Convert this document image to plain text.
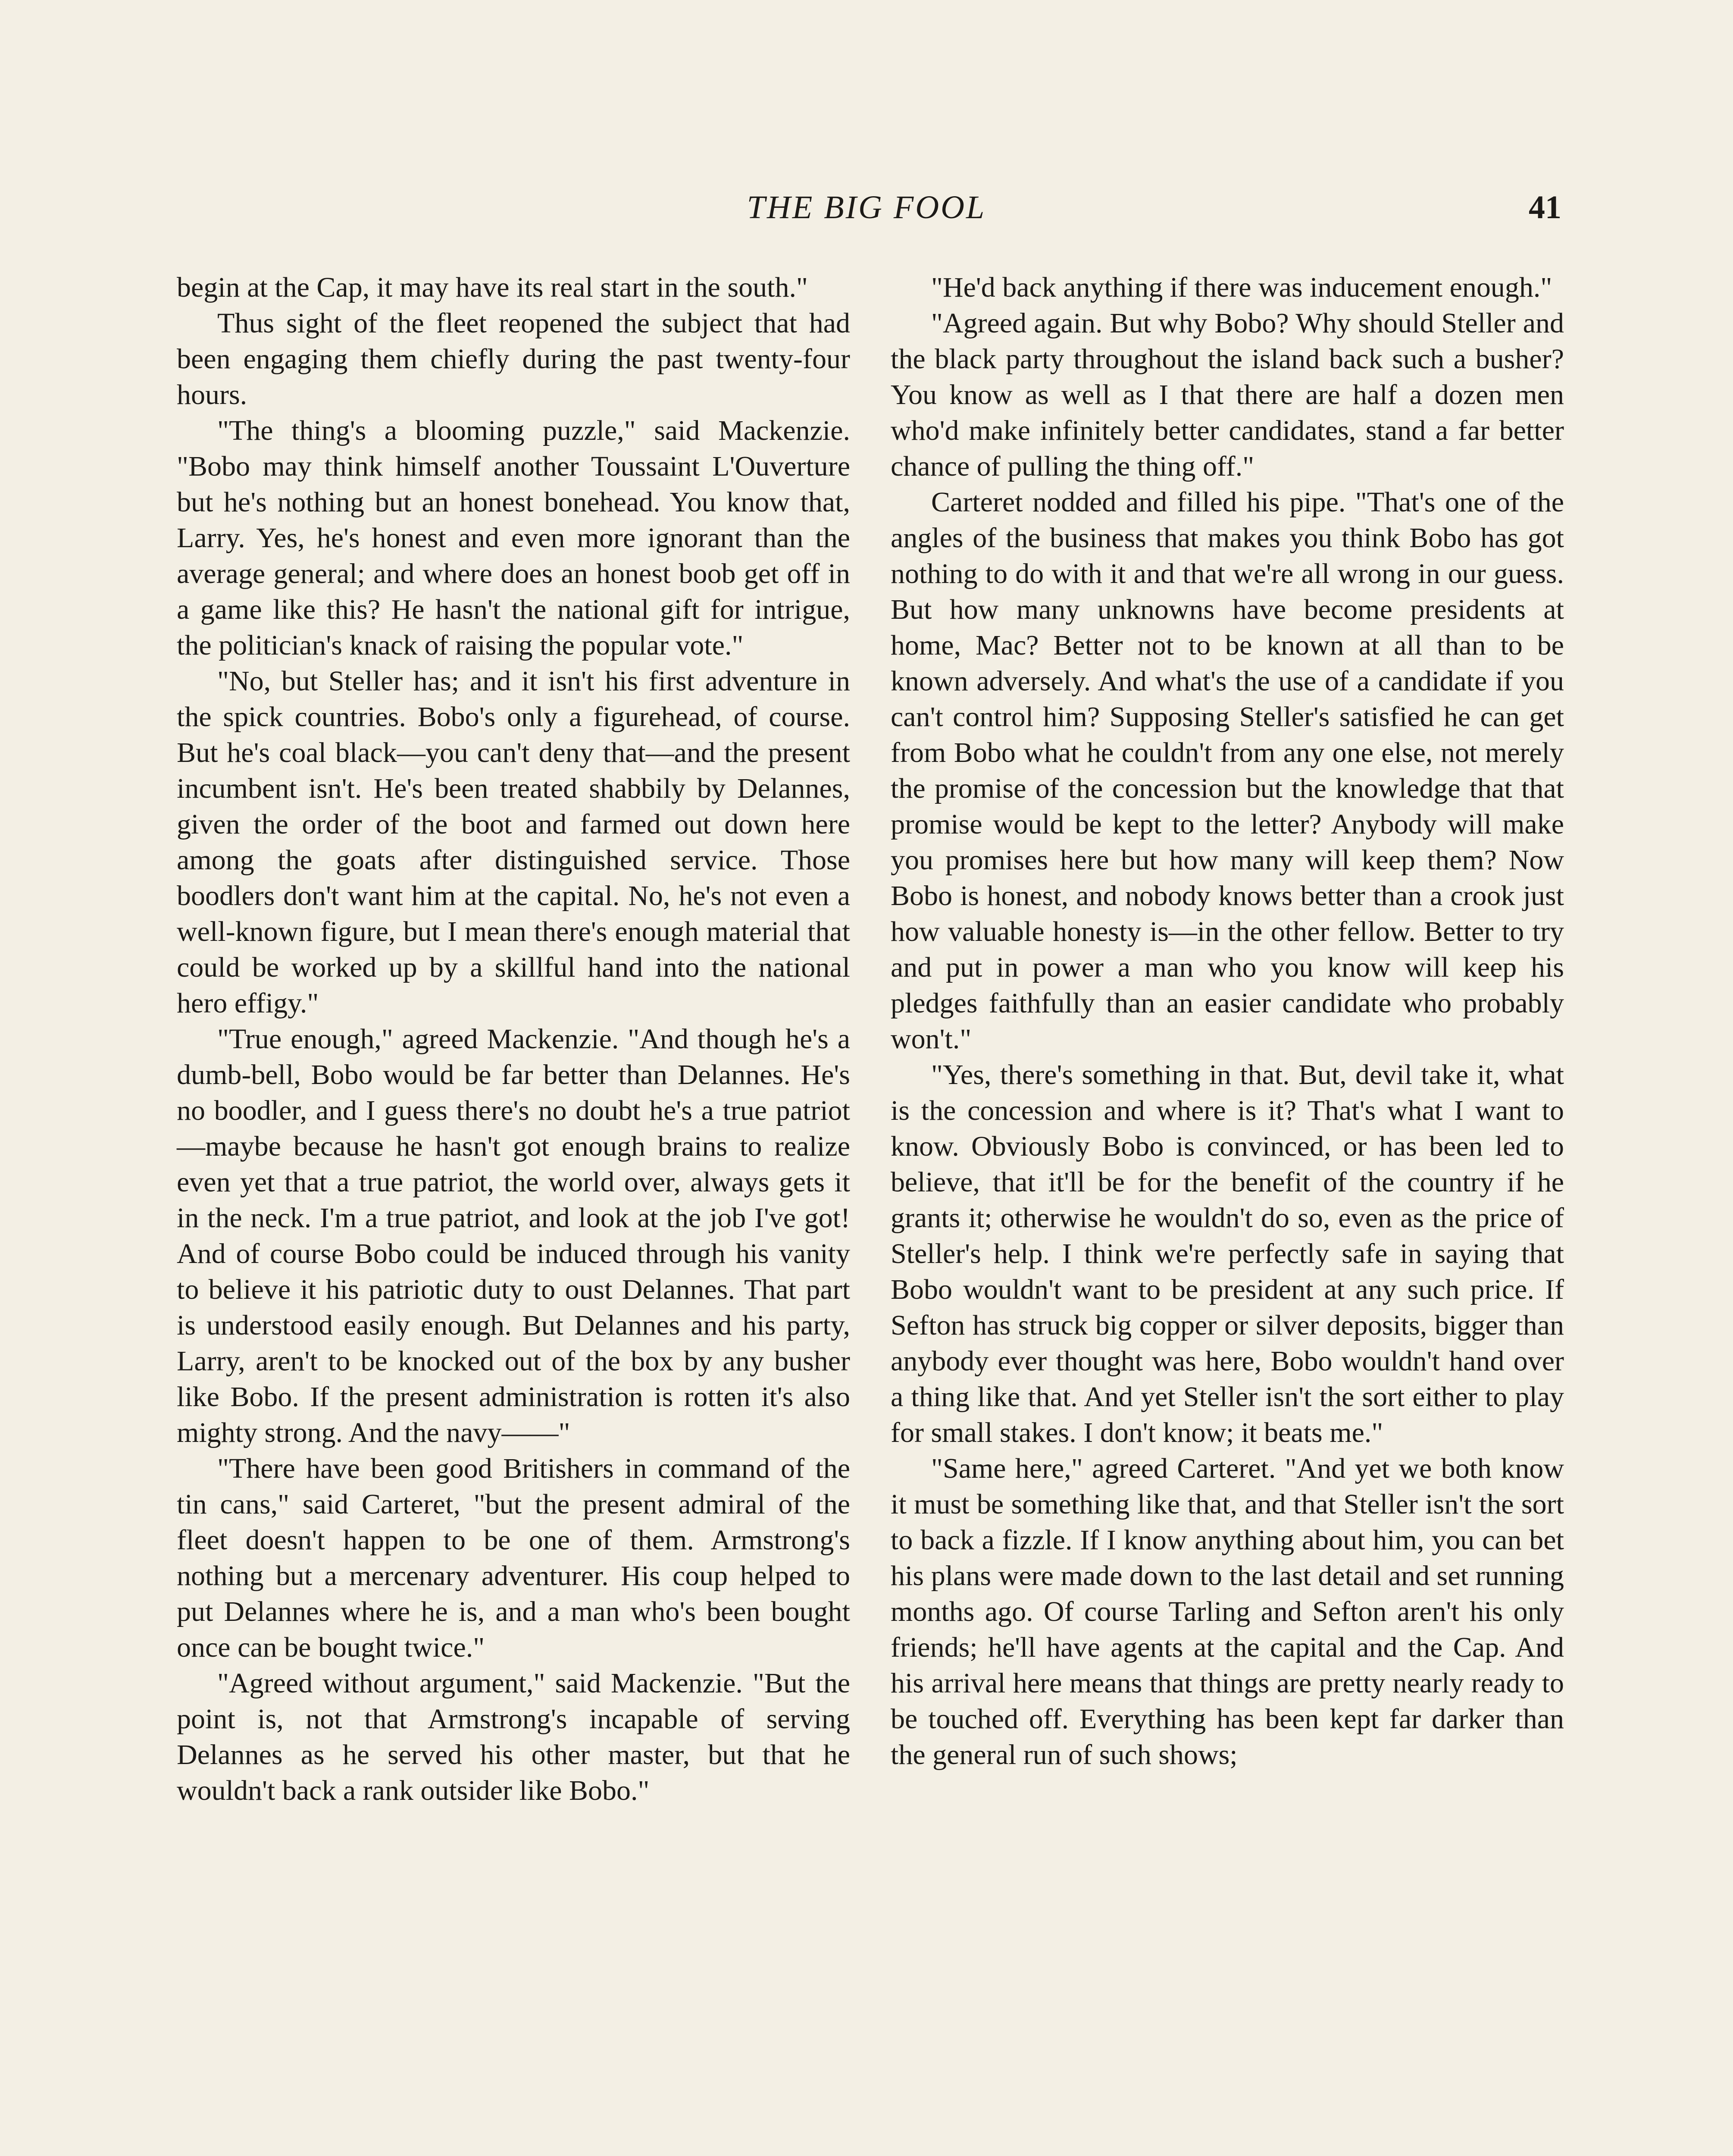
THE BIG FOOL	41

begin at the Cap, it may have its real start in the south."

Thus sight of the fleet reopened the subject that had been engaging them chiefly during the past twenty-four hours.

"The thing's a blooming puzzle," said Mackenzie. "Bobo may think himself another Toussaint L'Ouverture but he's nothing but an honest bonehead. You know that, Larry. Yes, he's honest and even more ignorant than the average general; and where does an honest boob get off in a game like this? He hasn't the national gift for intrigue, the politician's knack of raising the popular vote."

"No, but Steller has; and it isn't his first adventure in the spick countries. Bobo's only a figurehead, of course. But he's coal black—you can't deny that—and the present incumbent isn't. He's been treated shabbily by Delannes, given the order of the boot and farmed out down here among the goats after distinguished service. Those boodlers don't want him at the capital. No, he's not even a well-known figure, but I mean there's enough material that could be worked up by a skillful hand into the national hero effigy."

"True enough," agreed Mackenzie. "And though he's a dumb-bell, Bobo would be far better than Delannes. He's no boodler, and I guess there's no doubt he's a true patriot —maybe because he hasn't got enough brains to realize even yet that a true patriot, the world over, always gets it in the neck. I'm a true patriot, and look at the job I've got! And of course Bobo could be induced through his vanity to believe it his patriotic duty to oust Delannes. That part is understood easily enough. But Delannes and his party, Larry, aren't to be knocked out of the box by any busher like Bobo. If the present administration is rotten it's also mighty strong. And the navy——"

"There have been good Britishers in command of the tin cans," said Carteret, "but the present admiral of the fleet doesn't happen to be one of them. Armstrong's nothing but a mercenary adventurer. His coup helped to put Delannes where he is, and a man who's been bought once can be bought twice."

"Agreed without argument," said Mackenzie. "But the point is, not that Armstrong's incapable of serving Delannes as he served his other master, but that he wouldn't back a rank outsider like Bobo."

"He'd back anything if there was inducement enough."

"Agreed again. But why Bobo? Why should Steller and the black party throughout the island back such a busher? You know as well as I that there are half a dozen men who'd make infinitely better candidates, stand a far better chance of pulling the thing off."

Carteret nodded and filled his pipe. "That's one of the angles of the business that makes you think Bobo has got nothing to do with it and that we're all wrong in our guess. But how many unknowns have become presidents at home, Mac? Better not to be known at all than to be known adversely. And what's the use of a candidate if you can't control him? Supposing Steller's satisfied he can get from Bobo what he couldn't from any one else, not merely the promise of the concession but the knowledge that that promise would be kept to the letter? Anybody will make you promises here but how many will keep them? Now Bobo is honest, and nobody knows better than a crook just how valuable honesty is—in the other fellow. Better to try and put in power a man who you know will keep his pledges faithfully than an easier candidate who probably won't."

"Yes, there's something in that. But, devil take it, what is the concession and where is it? That's what I want to know. Obviously Bobo is convinced, or has been led to believe, that it'll be for the benefit of the country if he grants it; otherwise he wouldn't do so, even as the price of Steller's help. I think we're perfectly safe in saying that Bobo wouldn't want to be president at any such price. If Sefton has struck big copper or silver deposits, bigger than anybody ever thought was here, Bobo wouldn't hand over a thing like that. And yet Steller isn't the sort either to play for small stakes. I don't know; it beats me."

"Same here," agreed Carteret. "And yet we both know it must be something like that, and that Steller isn't the sort to back a fizzle. If I know anything about him, you can bet his plans were made down to the last detail and set running months ago. Of course Tarling and Sefton aren't his only friends; he'll have agents at the capital and the Cap. And his arrival here means that things are pretty nearly ready to be touched off. Everything has been kept far darker than the general run of such shows;
